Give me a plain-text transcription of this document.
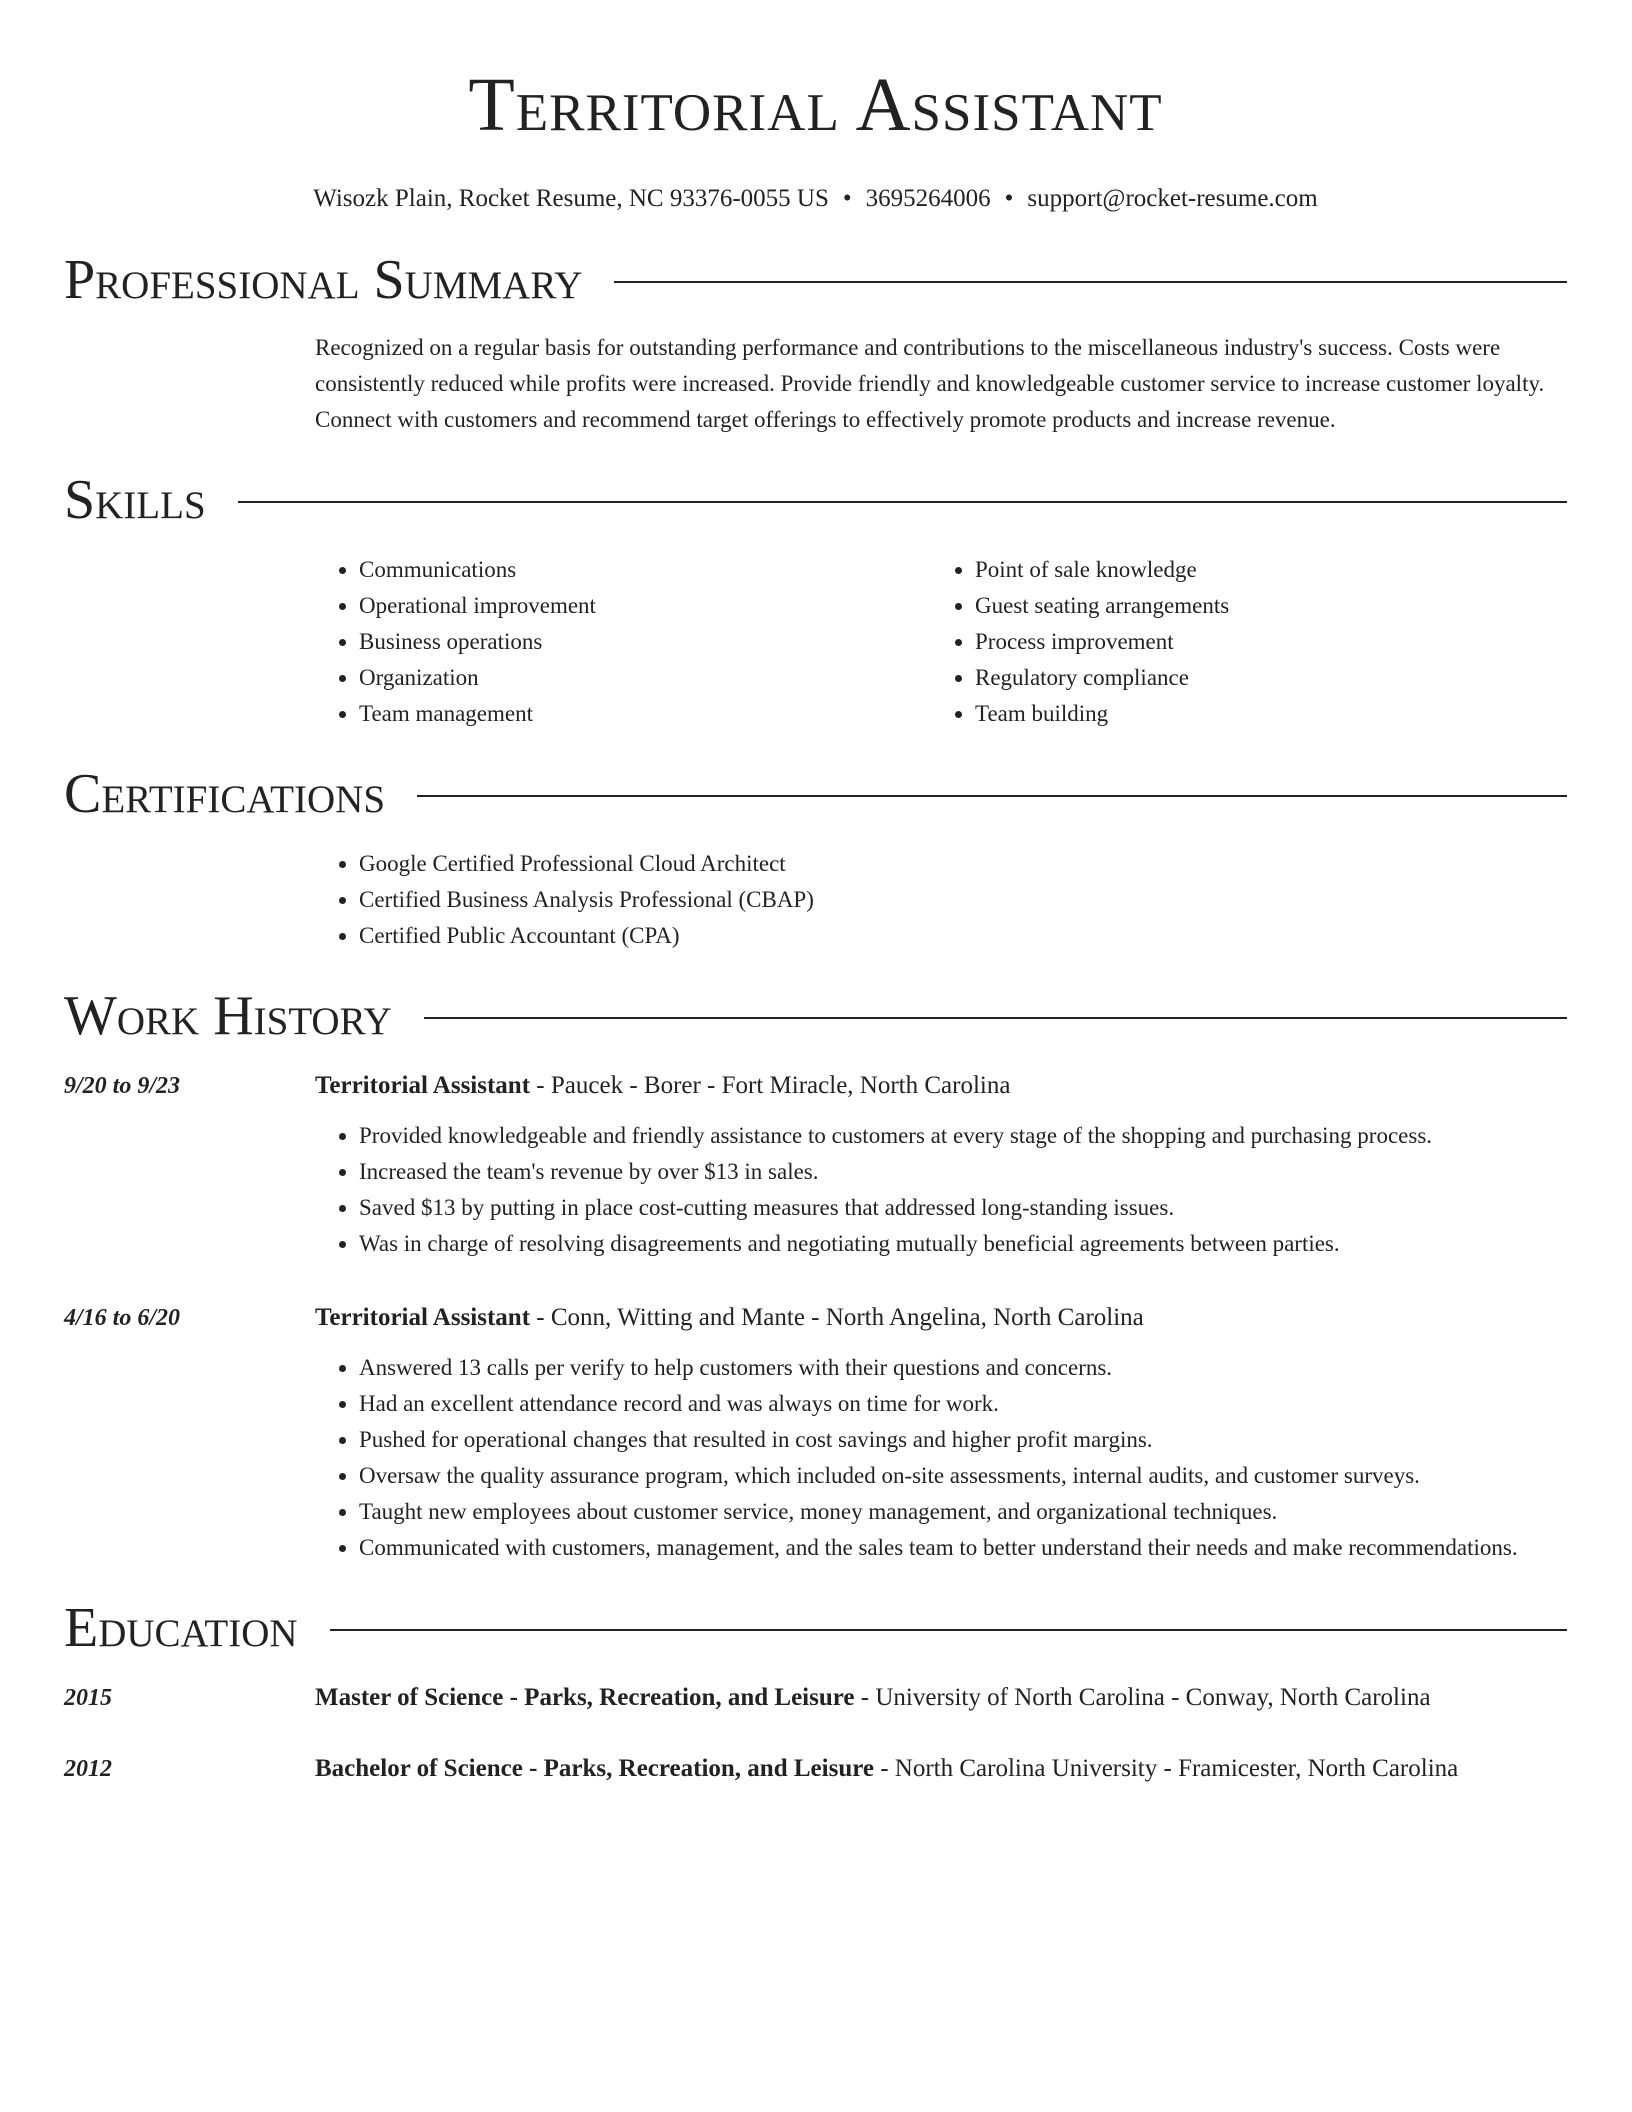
Territorial Assistant
Wisozk Plain, Rocket Resume, NC 93376-0055 US • 3695264006 • support@rocket-resume.com
Professional Summary

Recognized on a regular basis for outstanding performance and contributions to the miscellaneous industry's success. Costs were consistently reduced while profits were increased. Provide friendly and knowledgeable customer service to increase customer loyalty. Connect with customers and recommend target offerings to effectively promote products and increase revenue.

Skills
• Communications
• Operational improvement
• Business operations
• Organization
• Team management
• Point of sale knowledge
• Guest seating arrangements
• Process improvement
• Regulatory compliance
• Team building
Certifications
• Google Certified Professional Cloud Architect
• Certified Business Analysis Professional (CBAP)
• Certified Public Accountant (CPA)
Work History
9/20 to 9/23	Territorial Assistant - Paucek - Borer - Fort Miracle, North Carolina
• Provided knowledgeable and friendly assistance to customers at every stage of the shopping and purchasing process.
• Increased the team's revenue by over $13 in sales.
• Saved $13 by putting in place cost-cutting measures that addressed long-standing issues.
• Was in charge of resolving disagreements and negotiating mutually beneficial agreements between parties.
4/16 to 6/20	Territorial Assistant - Conn, Witting and Mante - North Angelina, North Carolina
• Answered 13 calls per verify to help customers with their questions and concerns.
• Had an excellent attendance record and was always on time for work.
• Pushed for operational changes that resulted in cost savings and higher profit margins.
• Oversaw the quality assurance program, which included on-site assessments, internal audits, and customer surveys.
• Taught new employees about customer service, money management, and organizational techniques.
• Communicated with customers, management, and the sales team to better understand their needs and make recommendations.
Education
2015	Master of Science - Parks, Recreation, and Leisure - University of North Carolina - Conway, North Carolina
2012	Bachelor of Science - Parks, Recreation, and Leisure - North Carolina University - Framicester, North Carolina
